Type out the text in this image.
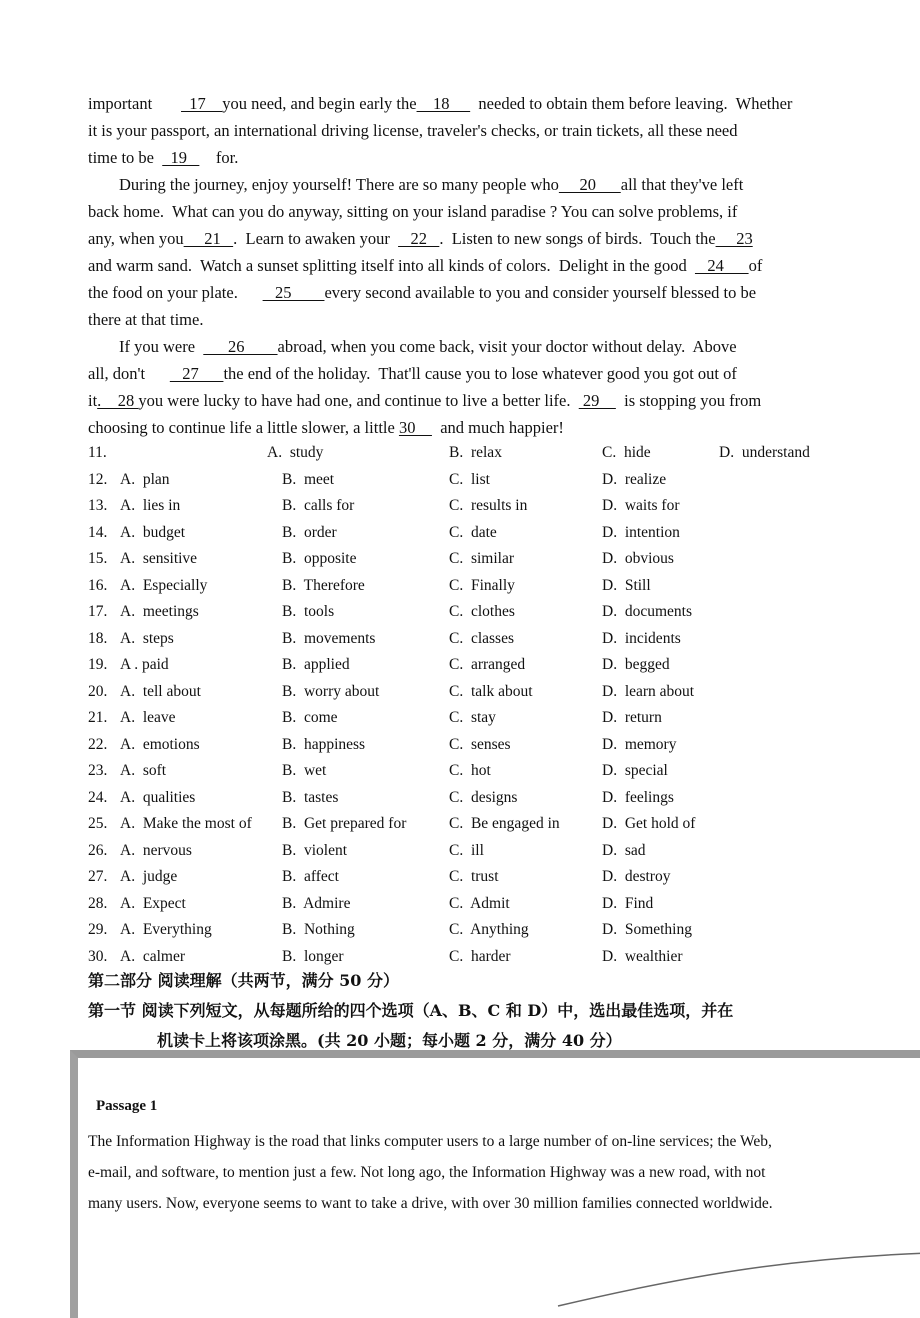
important         17    you need, and begin early the    18       needed to obtain them before leaving.  Whether
it is your passport, an international driving license, traveler's checks, or train tickets, all these need
time to be    19       for.
During the journey, enjoy yourself! There are so many people who     20      all that they've left
back home.  What can you do anyway, sitting on your island paradise ? You can solve problems, if
any, when you     21   .  Learn to awaken your     22   .  Listen to new songs of birds.  Touch the     23
and warm sand.  Watch a sunset splitting itself into all kinds of colors.  Delight in the good     24      of
the food on your plate.         25        every second available to you and consider yourself blessed to be
there at that time.
If you were        26        abroad, when you come back, visit your doctor without delay.  Above
all, don't         27      the end of the holiday.  That'll cause you to lose whatever good you got out of
it.    28 you were lucky to have had one, and continue to live a better life.   29      is stopping you from
choosing to continue life a little slower, a little 30      and much happier!
11.	A.  study	B.  relax	C.  hide	D.  understand
12. A.  plan	B.  meet	C.  list	D.  realize
13. A.  lies in	B.  calls for	C.  results in	D.  waits for
14. A.  budget	B.  order	C.  date	D.  intention
15. A.  sensitive	B.  opposite	C.  similar	D.  obvious
16. A.  Especially	B.  Therefore	C.  Finally	D.  Still
17. A.  meetings	B.  tools	C.  clothes	D.  documents
18. A.  steps	B.  movements	C.  classes	D.  incidents
19. A . paid	B.  applied	C.  arranged	D.  begged
20. A.  tell about	B.  worry about	C.  talk about	D.  learn about
21. A.  leave	B.  come	C.  stay	D.  return
22. A.  emotions	B.  happiness	C.  senses	D.  memory
23. A.  soft	B.  wet	C.  hot	D.  special
24. A.  qualities	B.  tastes	C.  designs	D.  feelings
25. A.  Make the most of B.  Get prepared for	C.  Be engaged in	D.  Get hold of
26. A.  nervous	B.  violent	C.  ill	D.  sad
27. A.  judge	B.  affect	C.  trust	D.  destroy
28. A.  Expect	B.  Admire	C.  Admit	D.  Find
29. A.  Everything	B.  Nothing	C.  Anything	D.  Something
30. A.  calmer	B.  longer	C.  harder	D.  wealthier
第二部分 阅读理解（共两节，满分 50 分）
第一节 阅读下列短文，从每题所给的四个选项（A、B、C 和 D）中，选出最佳选项，并在
机读卡上将该项涂黑。(共 20 小题；每小题 2 分，满分 40 分）
Passage 1
The Information Highway is the road that links computer users to a large number of on-line services; the Web,
e-mail, and software, to mention just a few. Not long ago, the Information Highway was a new road, with not
many users. Now, everyone seems to want to take a drive, with over 30 million families connected worldwide.
